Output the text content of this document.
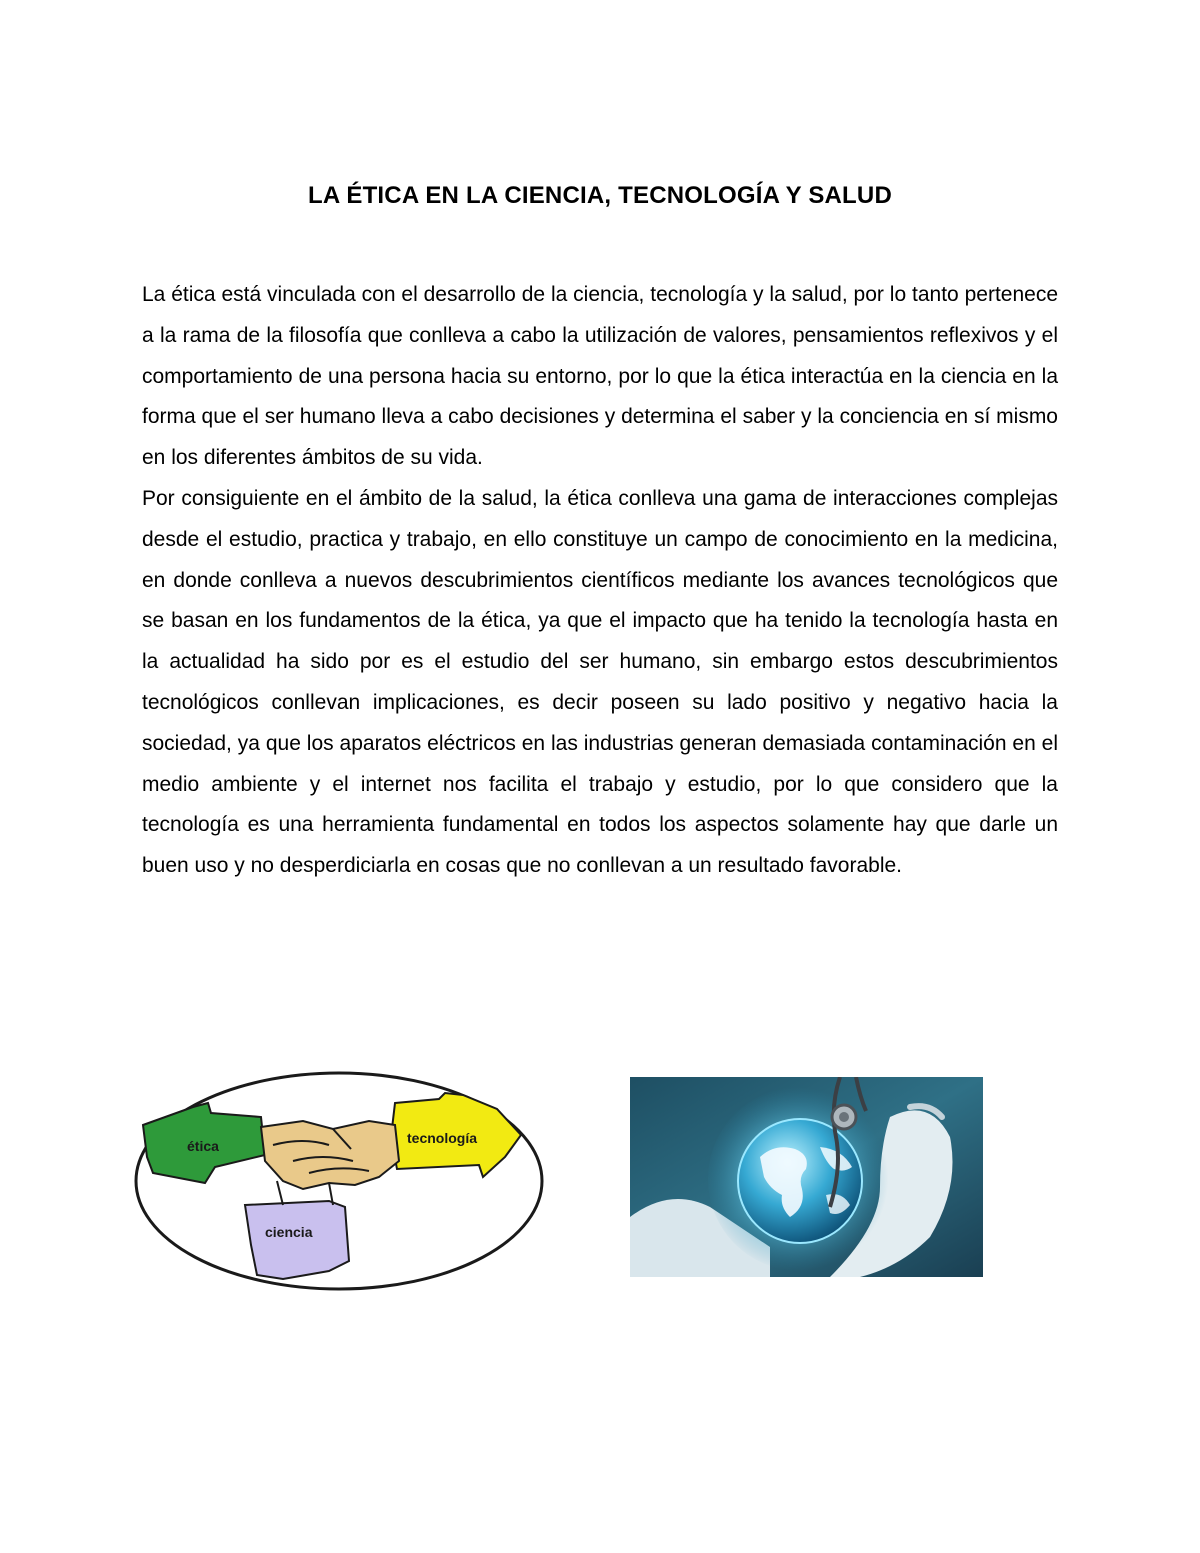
LA ÉTICA EN LA CIENCIA, TECNOLOGÍA Y SALUD

La ética está vinculada con el desarrollo de la ciencia, tecnología y la salud, por lo tanto pertenece a la rama de la filosofía que conlleva a cabo la utilización de valores, pensamientos reflexivos y el comportamiento de una persona hacia su entorno, por lo que la ética interactúa en la ciencia en la forma que el ser humano lleva a cabo decisiones y determina el saber y la conciencia en sí mismo en los diferentes ámbitos de su vida.

Por consiguiente en el ámbito de la salud, la ética conlleva una gama de interacciones complejas desde el estudio, practica y trabajo, en ello constituye un campo de conocimiento en la medicina, en donde conlleva a nuevos descubrimientos científicos mediante los avances tecnológicos que se basan en los fundamentos de la ética, ya que el impacto que ha tenido la tecnología hasta en la actualidad ha sido por es el estudio del ser humano, sin embargo estos descubrimientos tecnológicos conllevan implicaciones, es decir poseen su lado positivo y negativo hacia la sociedad, ya que los aparatos eléctricos en las industrias generan demasiada contaminación en el medio ambiente y el internet nos facilita el trabajo y estudio, por lo que considero que la tecnología es una herramienta fundamental en todos los aspectos solamente hay que darle un buen uso y no desperdiciarla en cosas que no conllevan a un resultado favorable.

ética	tecnología
ciencia
